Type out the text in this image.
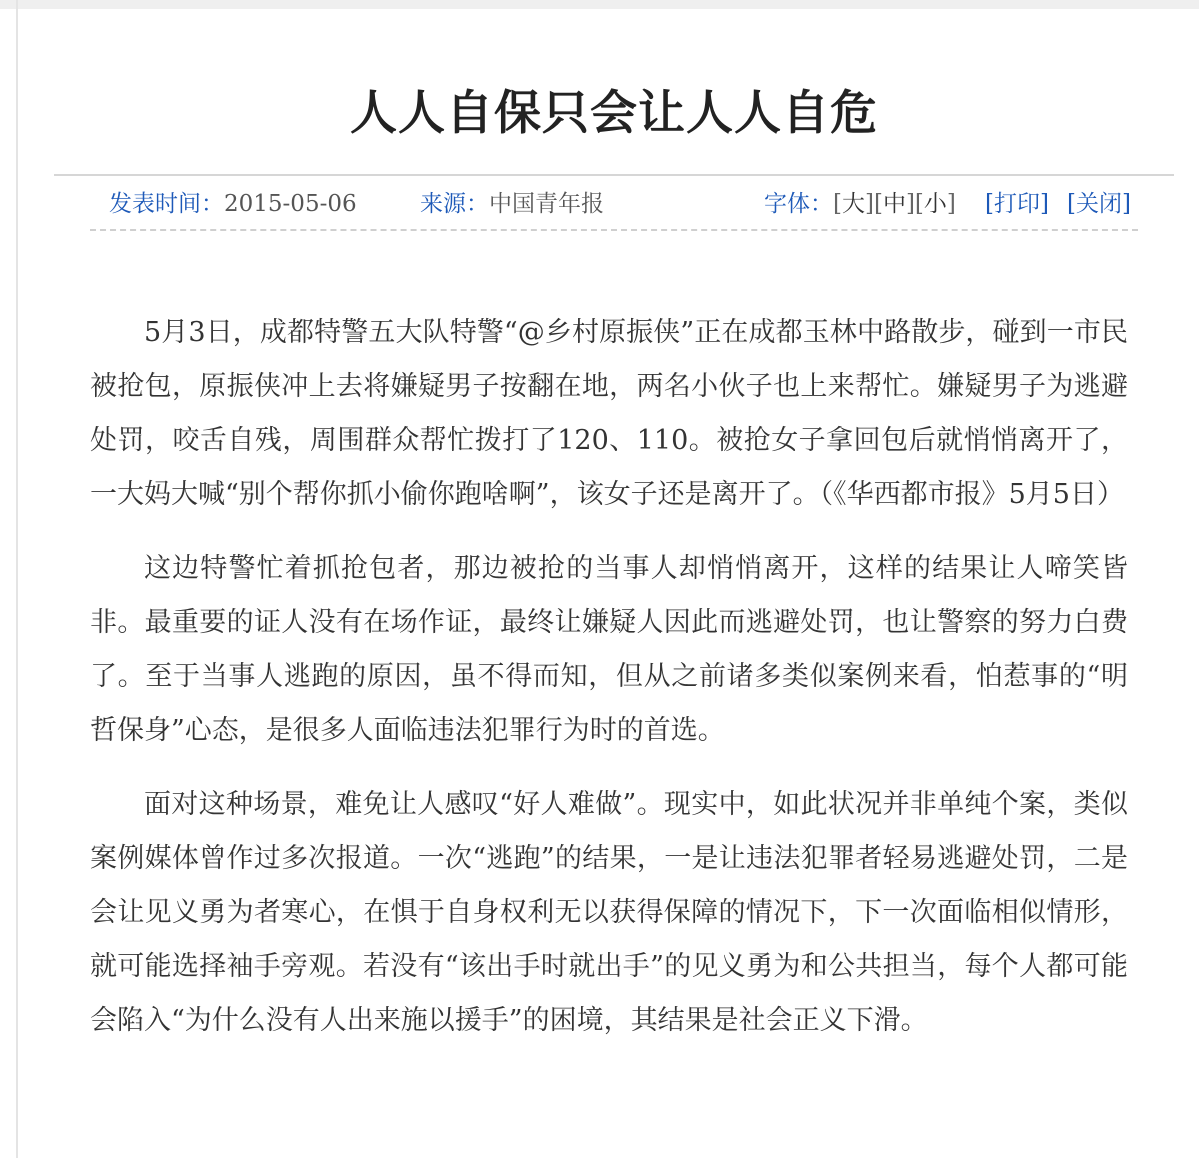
人人自保只会让人人自危
发表时间：2015-05-06	来源：中国青年报	字体：[大][中][小] [打印] [关闭]

5月3日，成都特警五大队特警“@乡村原振侠”正在成都玉林中路散步，碰到一市民被抢包，原振侠冲上去将嫌疑男子按翻在地，两名小伙子也上来帮忙。嫌疑男子为逃避处罚，咬舌自残，周围群众帮忙拨打了120、110。被抢女子拿回包后就悄悄离开了，一大妈大喊“别个帮你抓小偷你跑啥啊”，该女子还是离开了。（《华西都市报》5月5日）

这边特警忙着抓抢包者，那边被抢的当事人却悄悄离开，这样的结果让人啼笑皆非。最重要的证人没有在场作证，最终让嫌疑人因此而逃避处罚，也让警察的努力白费了。至于当事人逃跑的原因，虽不得而知，但从之前诸多类似案例来看，怕惹事的“明哲保身”心态，是很多人面临违法犯罪行为时的首选。

面对这种场景，难免让人感叹“好人难做”。现实中，如此状况并非单纯个案，类似案例媒体曾作过多次报道。一次“逃跑”的结果，一是让违法犯罪者轻易逃避处罚，二是会让见义勇为者寒心，在惧于自身权利无以获得保障的情况下，下一次面临相似情形，就可能选择袖手旁观。若没有“该出手时就出手”的见义勇为和公共担当，每个人都可能会陷入“为什么没有人出来施以援手”的困境，其结果是社会正义下滑。
